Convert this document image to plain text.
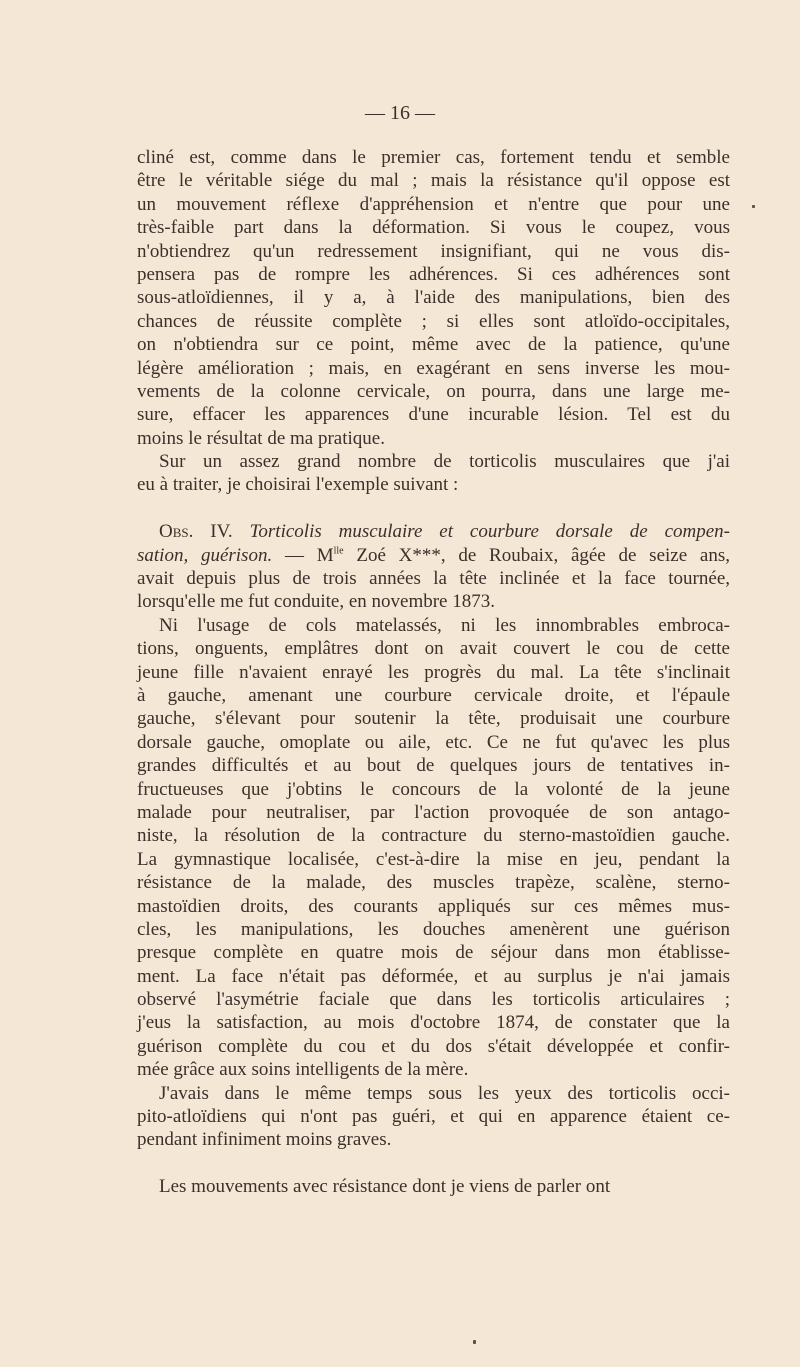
— 16 —
cliné est, comme dans le premier cas, fortement tendu et semble
être le véritable siége du mal ; mais la résistance qu'il oppose est
un mouvement réflexe d'appréhension et n'entre que pour une
très-faible part dans la déformation. Si vous le coupez, vous
n'obtiendrez qu'un redressement insignifiant, qui ne vous dis-
pensera pas de rompre les adhérences. Si ces adhérences sont
sous-atloïdiennes, il y a, à l'aide des manipulations, bien des
chances de réussite complète ; si elles sont atloïdo-occipitales,
on n'obtiendra sur ce point, même avec de la patience, qu'une
légère amélioration ; mais, en exagérant en sens inverse les mou-
vements de la colonne cervicale, on pourra, dans une large me-
sure, effacer les apparences d'une incurable lésion. Tel est du
moins le résultat de ma pratique.
Sur un assez grand nombre de torticolis musculaires que j'ai
eu à traiter, je choisirai l'exemple suivant :
Obs. IV. Torticolis musculaire et courbure dorsale de compen-
sation, guérison. — $M^{lle}$ Zoé X***, de Roubaix, âgée de seize ans,
avait depuis plus de trois années la tête inclinée et la face tournée,
lorsqu'elle me fut conduite, en novembre 1873.
Ni l'usage de cols matelassés, ni les innombrables embroca-
tions, onguents, emplâtres dont on avait couvert le cou de cette
jeune fille n'avaient enrayé les progrès du mal. La tête s'inclinait
à gauche, amenant une courbure cervicale droite, et l'épaule
gauche, s'élevant pour soutenir la tête, produisait une courbure
dorsale gauche, omoplate ou aile, etc. Ce ne fut qu'avec les plus
grandes difficultés et au bout de quelques jours de tentatives in-
fructueuses que j'obtins le concours de la volonté de la jeune
malade pour neutraliser, par l'action provoquée de son antago-
niste, la résolution de la contracture du sterno-mastoïdien gauche.
La gymnastique localisée, c'est-à-dire la mise en jeu, pendant la
résistance de la malade, des muscles trapèze, scalène, sterno-
mastoïdien droits, des courants appliqués sur ces mêmes mus-
cles, les manipulations, les douches amenèrent une guérison
presque complète en quatre mois de séjour dans mon établisse-
ment. La face n'était pas déformée, et au surplus je n'ai jamais
observé l'asymétrie faciale que dans les torticolis articulaires ;
j'eus la satisfaction, au mois d'octobre 1874, de constater que la
guérison complète du cou et du dos s'était développée et confir-
mée grâce aux soins intelligents de la mère.
J'avais dans le même temps sous les yeux des torticolis occi-
pito-atloïdiens qui n'ont pas guéri, et qui en apparence étaient ce-
pendant infiniment moins graves.
Les mouvements avec résistance dont je viens de parler ont
